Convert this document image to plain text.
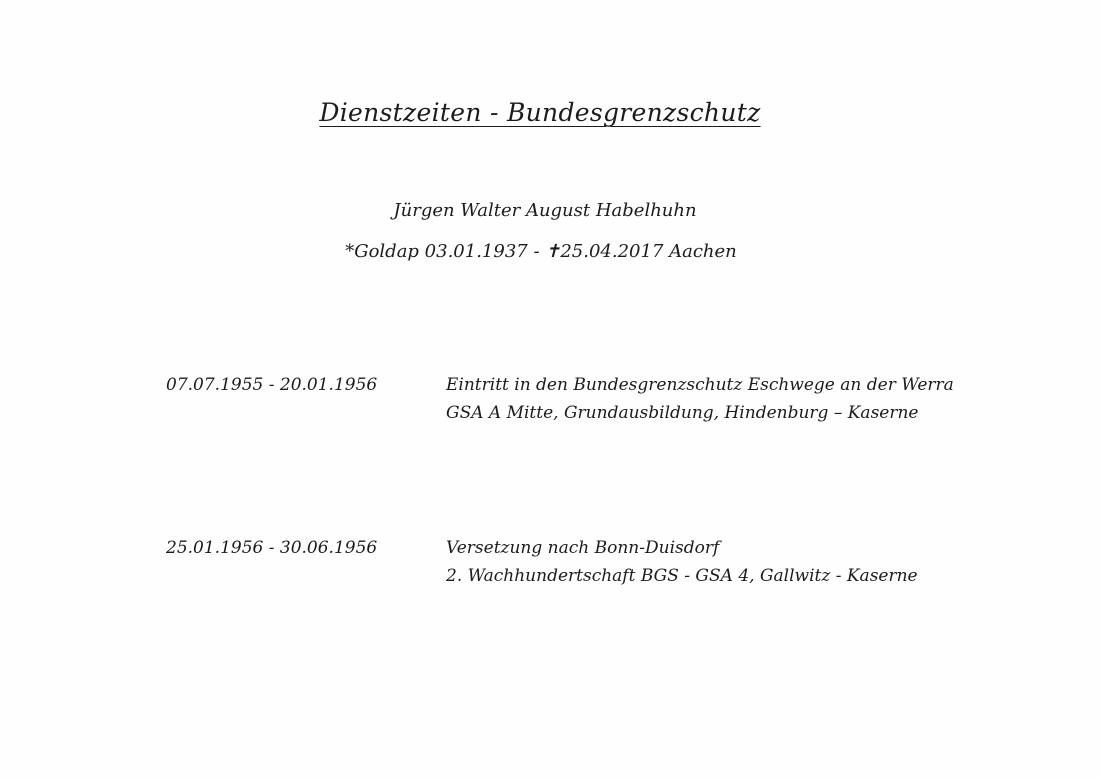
Dienstzeiten - Bundesgrenzschutz
Jürgen Walter August Habelhuhn
*Goldap 03.01.1937 - ✝25.04.2017 Aachen
07.07.1955 - 20.01.1956	Eintritt in den Bundesgrenzschutz Eschwege an der Werra
GSA A Mitte, Grundausbildung, Hindenburg – Kaserne
25.01.1956 - 30.06.1956	Versetzung nach Bonn-Duisdorf
2. Wachhundertschaft BGS - GSA 4, Gallwitz - Kaserne
